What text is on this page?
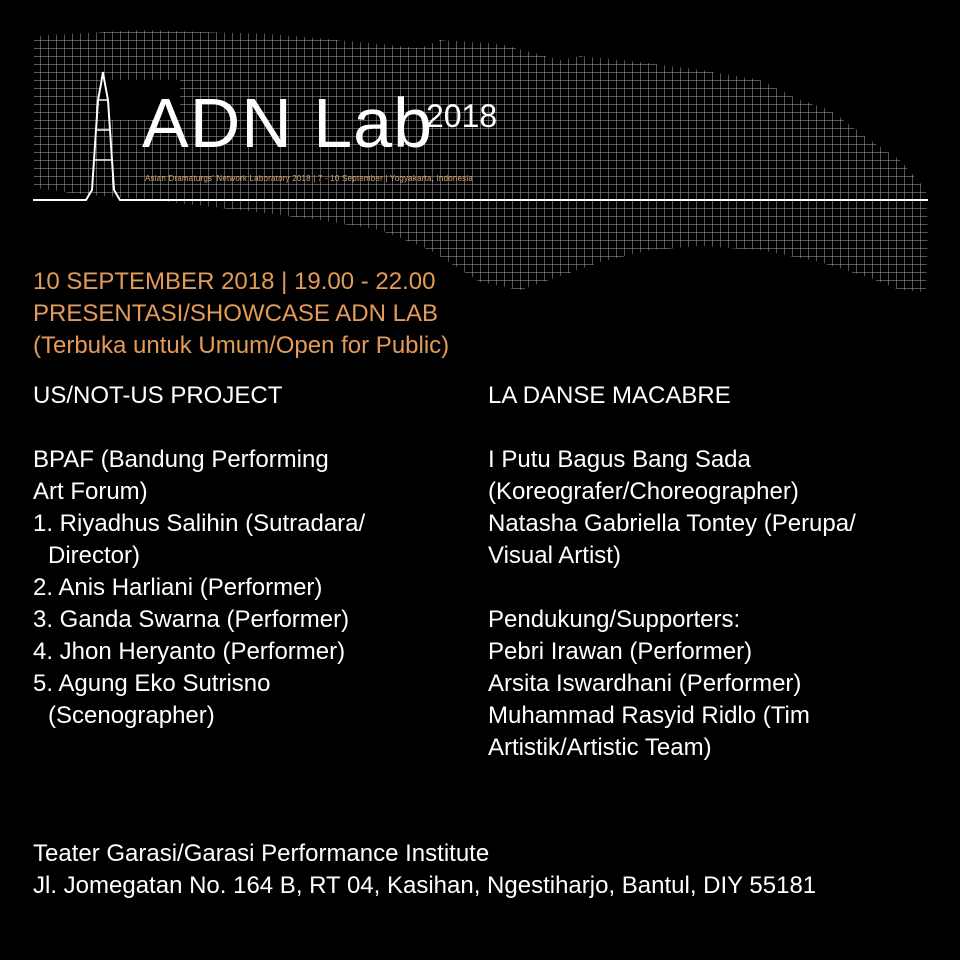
ADN Lab
2018
Asian Dramaturgs' Network Laboratory 2018 | 7 - 10 September | Yogyakarta, Indonesia
10 SEPTEMBER 2018 | 19.00 - 22.00
PRESENTASI/SHOWCASE ADN LAB
(Terbuka untuk Umum/Open for Public)
US/NOT-US PROJECT
BPAF (Bandung Performing
Art Forum)
1. Riyadhus Salihin (Sutradara/
Director)
2. Anis Harliani (Performer)
3. Ganda Swarna (Performer)
4. Jhon Heryanto (Performer)
5. Agung Eko Sutrisno
(Scenographer)
LA DANSE MACABRE
I Putu Bagus Bang Sada
(Koreografer/Choreographer)
Natasha Gabriella Tontey (Perupa/
Visual Artist)
Pendukung/Supporters:
Pebri Irawan (Performer)
Arsita Iswardhani (Performer)
Muhammad Rasyid Ridlo (Tim
Artistik/Artistic Team)
Teater Garasi/Garasi Performance Institute
Jl. Jomegatan No. 164 B, RT 04, Kasihan, Ngestiharjo, Bantul, DIY 55181
